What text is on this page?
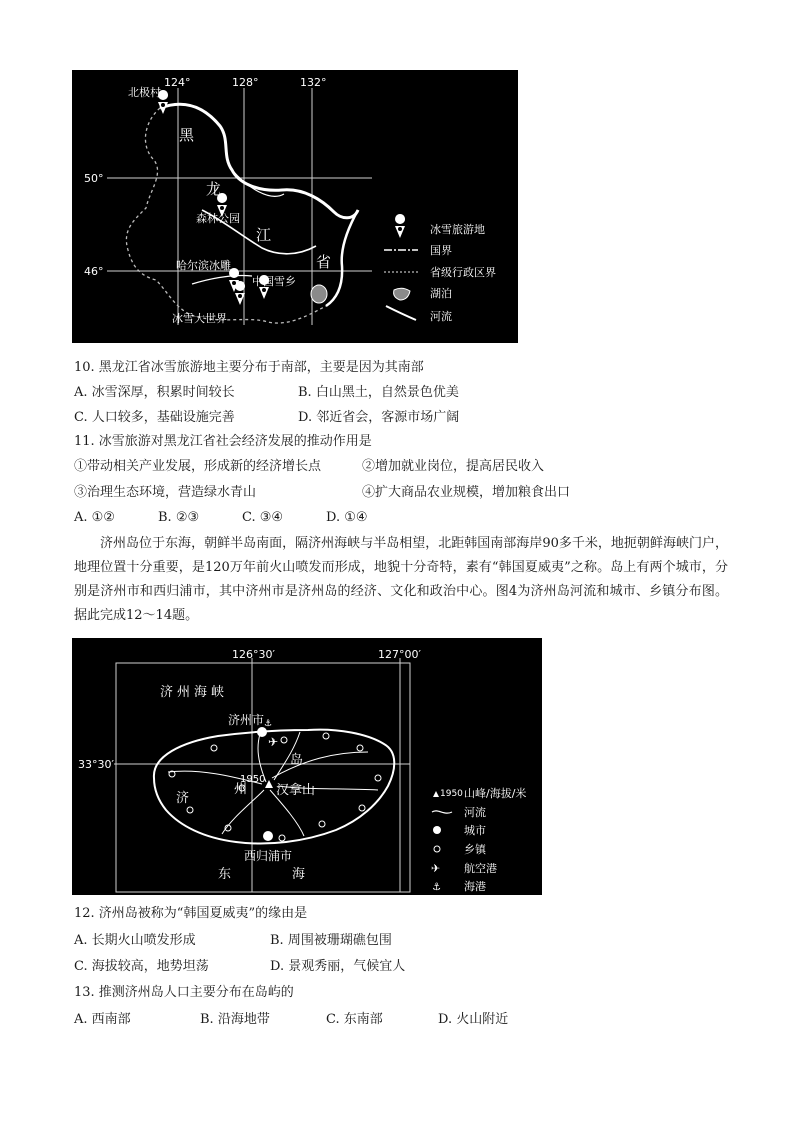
124°	128°	132°
50°
46°
北极村
森林公园
哈尔滨冰雕
中国雪乡
冰雪大世界
黑
龙
江
省
冰雪旅游地
国界
省级行政区界
湖泊
河流
10. 黑龙江省冰雪旅游地主要分布于南部，主要是因为其南部
A. 冰雪深厚，积累时间较长	B. 白山黑土，自然景色优美
C. 人口较多，基础设施完善	D. 邻近省会，客源市场广阔
11. 冰雪旅游对黑龙江省社会经济发展的推动作用是
①带动相关产业发展，形成新的经济增长点	②增加就业岗位，提高居民收入
③治理生态环境，营造绿水青山	④扩大商品农业规模，增加粮食出口
A. ①②	B. ②③	C. ③④	D. ①④
济州岛位于东海，朝鲜半岛南面，隔济州海峡与半岛相望，北距韩国南部海岸90多千米，地扼朝鲜海峡门户，地理位置十分重要，是120万年前火山喷发而形成，地貌十分奇特，素有“韩国夏威夷”之称。岛上有两个城市，分别是济州市和西归浦市，其中济州市是济州岛的经济、文化和政治中心。图4为济州岛河流和城市、乡镇分布图。据此完成12～14题。
126°30′	127°00′
33°30′
✈
⚓
1950
汉拿山
济州海峡
济州市
西归浦市
济
州
岛
东	海
1950 山峰/海拔/米
河流
城市
乡镇
✈ 航空港
⚓ 海港
12. 济州岛被称为“韩国夏威夷”的缘由是
A. 长期火山喷发形成	B. 周围被珊瑚礁包围
C. 海拔较高，地势坦荡	D. 景观秀丽，气候宜人
13. 推测济州岛人口主要分布在岛屿的
A. 西南部	B. 沿海地带	C. 东南部	D. 火山附近
